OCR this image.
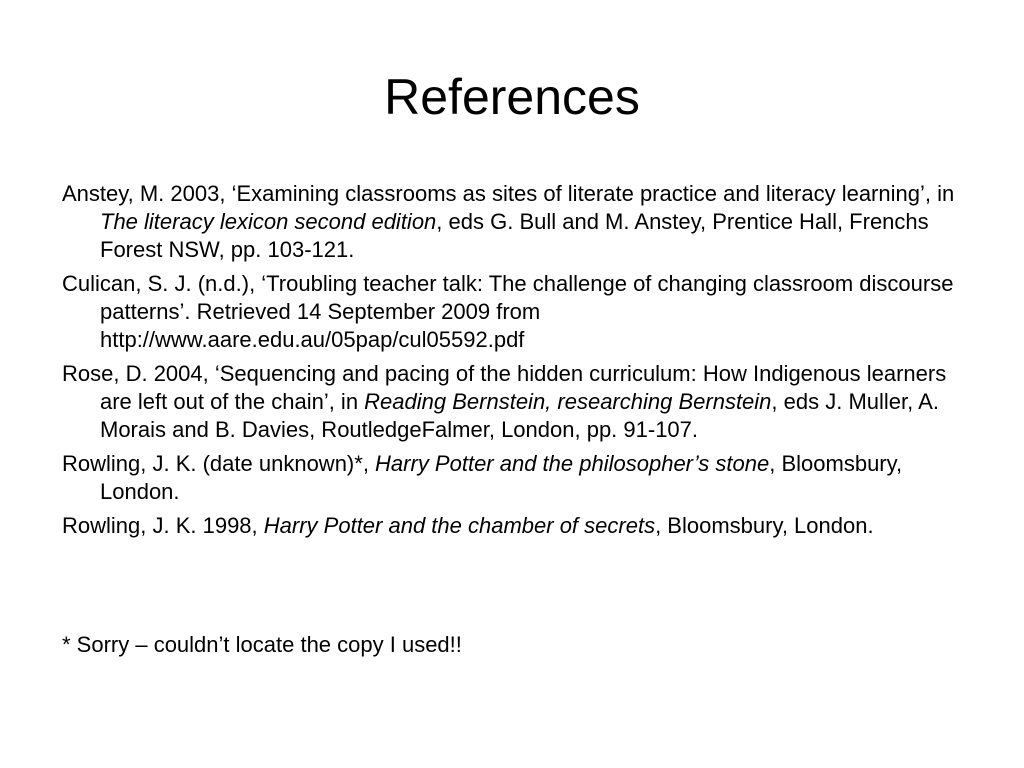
References
Anstey, M. 2003, ‘Examining classrooms as sites of literate practice and literacy learning’, in The literacy lexicon second edition, eds G. Bull and M. Anstey, Prentice Hall, Frenchs Forest NSW, pp. 103-121.
Culican, S. J. (n.d.), ‘Troubling teacher talk: The challenge of changing classroom discourse patterns’. Retrieved 14 September 2009 from http://www.aare.edu.au/05pap/cul05592.pdf
Rose, D. 2004, ‘Sequencing and pacing of the hidden curriculum: How Indigenous learners are left out of the chain’, in Reading Bernstein, researching Bernstein, eds J. Muller, A. Morais and B. Davies, RoutledgeFalmer, London, pp. 91-107.
Rowling, J. K. (date unknown)*, Harry Potter and the philosopher’s stone, Bloomsbury, London.
Rowling, J. K. 1998, Harry Potter and the chamber of secrets, Bloomsbury, London.

* Sorry – couldn’t locate the copy I used!!
